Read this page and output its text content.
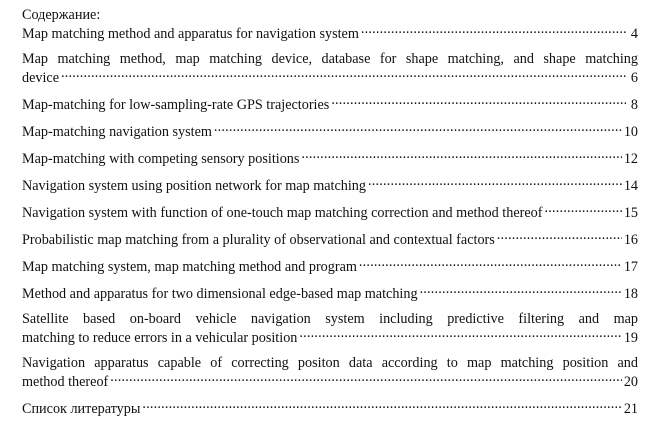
Содержание:
Map matching method and apparatus for navigation system .....	4
Map matching method, map matching device, database for shape matching, and shape matching
device .....	6
Map-matching for low-sampling-rate GPS trajectories .....	8
Map-matching navigation system .....	10
Map-matching with competing sensory positions .....	12
Navigation system using position network for map matching .....	14
Navigation system with function of one-touch map matching correction and method thereof .....	15
Probabilistic map matching from a plurality of observational and contextual factors .....	16
Map matching system, map matching method and program .....	17
Method and apparatus for two dimensional edge-based map matching .....	18
Satellite based on-board vehicle navigation system including predictive filtering and map
matching to reduce errors in a vehicular position .....	19
Navigation apparatus capable of correcting positon data according to map matching position and
method thereof .....	20
Список литературы .....	21
